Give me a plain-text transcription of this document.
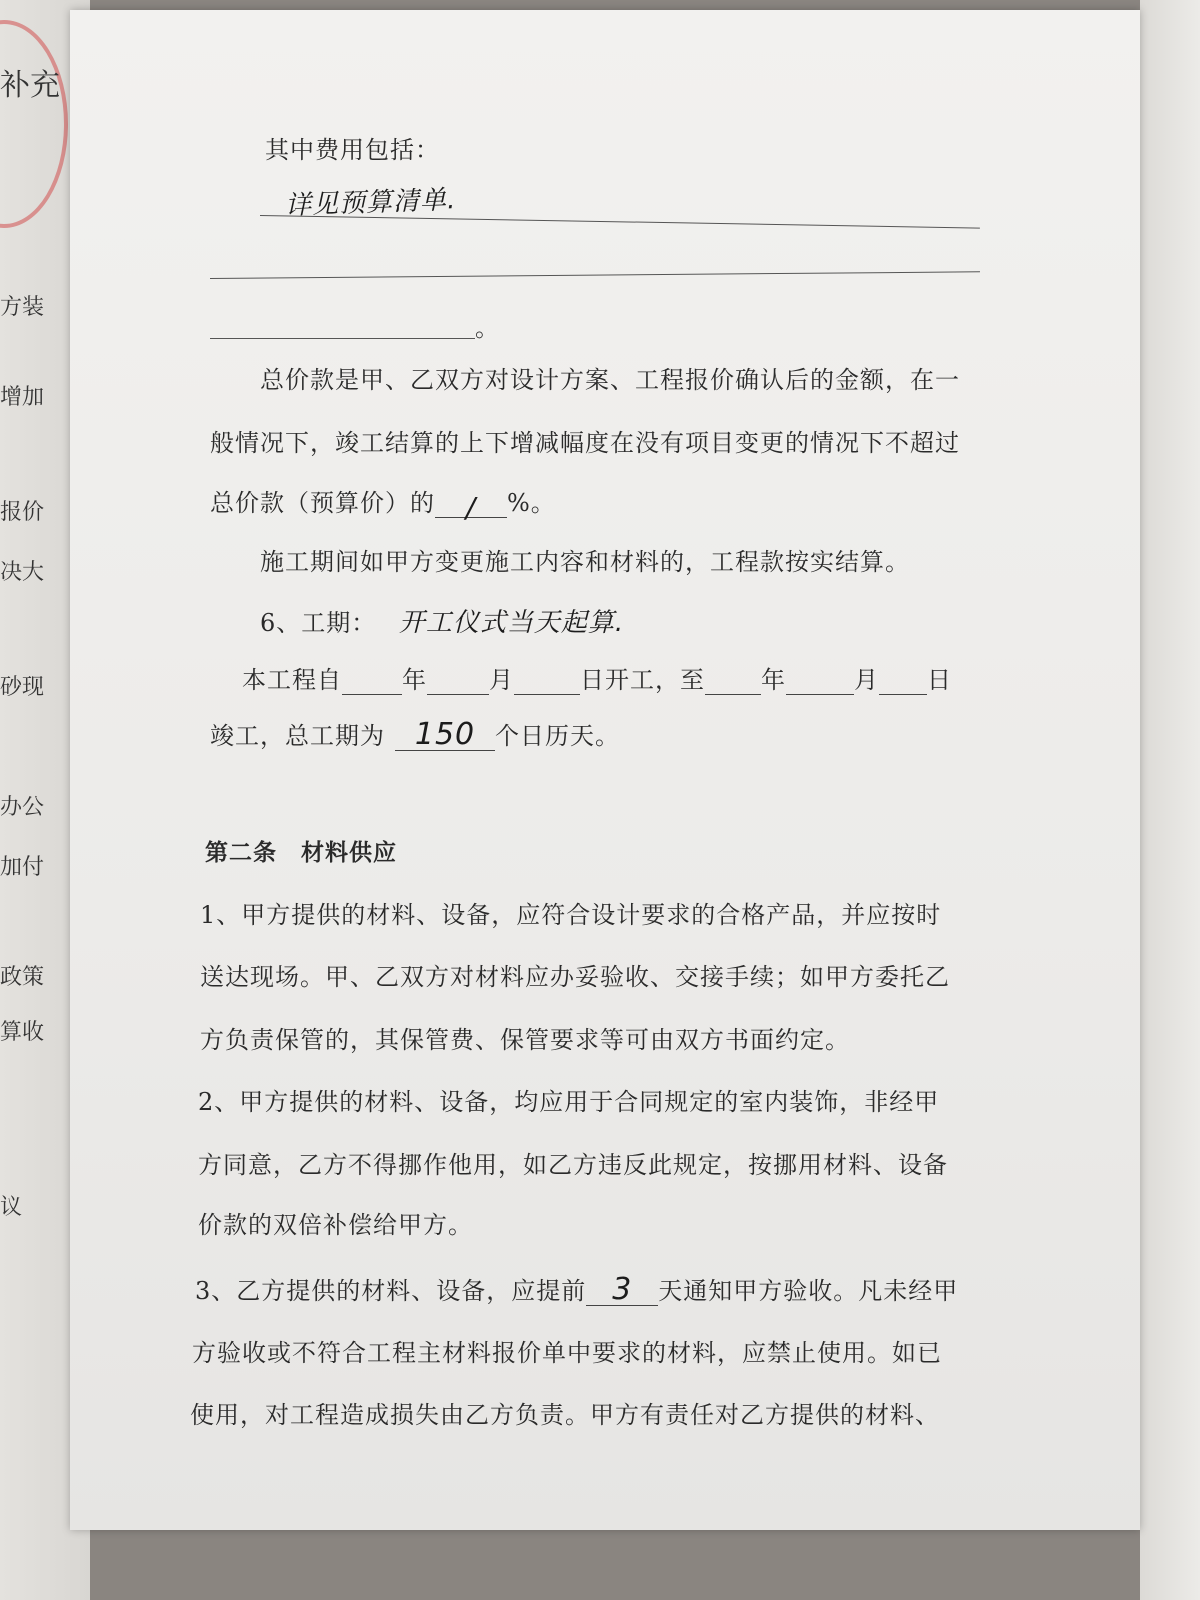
补充
方装
增加
报价
决大
砂现
办公
加付
政策
算收
议
其中费用包括：
详见预算清单.
。
总价款是甲、乙双方对设计方案、工程报价确认后的金额，在一
般情况下，竣工结算的上下增减幅度在没有项目变更的情况下不超过
总价款（预算价）的 / %。
施工期间如甲方变更施工内容和材料的，工程款按实结算。
6、工期： 开工仪式当天起算.
本工程自	年	月	日开工，至 年	月 日
竣工，总工期为 150 个日历天。
第二条　材料供应
1、甲方提供的材料、设备，应符合设计要求的合格产品，并应按时
送达现场。甲、乙双方对材料应办妥验收、交接手续；如甲方委托乙
方负责保管的，其保管费、保管要求等可由双方书面约定。
2、甲方提供的材料、设备，均应用于合同规定的室内装饰，非经甲
方同意，乙方不得挪作他用，如乙方违反此规定，按挪用材料、设备
价款的双倍补偿给甲方。
3、乙方提供的材料、设备，应提前 3 天通知甲方验收。凡未经甲
方验收或不符合工程主材料报价单中要求的材料，应禁止使用。如已
使用，对工程造成损失由乙方负责。甲方有责任对乙方提供的材料、
